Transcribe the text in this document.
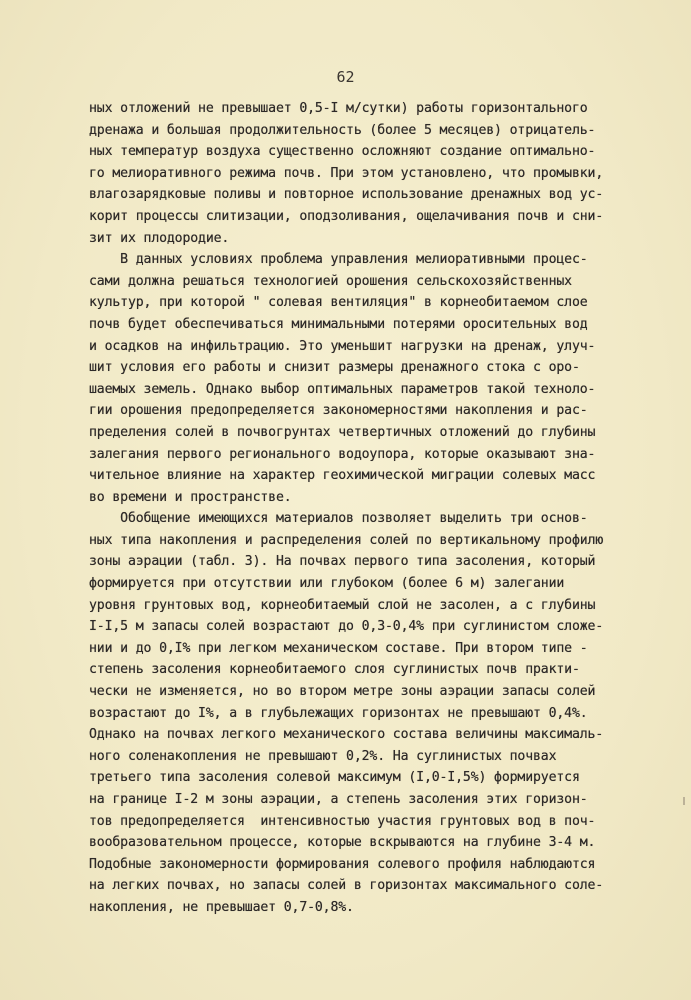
62
ных отложений не превышает 0,5-I м/сутки) работы горизонтального
дренажа и большая продолжительность (более 5 месяцев) отрицатель-
ных температур воздуха существенно осложняют создание оптимально-
го мелиоративного режима почв. При этом установлено, что промывки,
влагозарядковые поливы и повторное использование дренажных вод ус-
корит процессы слитизации, оподзоливания, ощелачивания почв и сни-
зит их плодородие.
В данных условиях проблема управления мелиоративными процес-
сами должна решаться технологией орошения сельскохозяйственных
культур, при которой " солевая вентиляция" в корнеобитаемом слое
почв будет обеспечиваться минимальными потерями оросительных вод
и осадков на инфильтрацию. Это уменьшит нагрузки на дренаж, улуч-
шит условия его работы и снизит размеры дренажного стока с оро-
шаемых земель. Однако выбор оптимальных параметров такой техноло-
гии орошения предопределяется закономерностями накопления и рас-
пределения солей в почвогрунтах четвертичных отложений до глубины
залегания первого регионального водоупора, которые оказывают зна-
чительное влияние на характер геохимической миграции солевых масс
во времени и пространстве.
Обобщение имеющихся материалов позволяет выделить три основ-
ных типа накопления и распределения солей по вертикальному профилю
зоны аэрации (табл. 3). На почвах первого типа засоления, который
формируется при отсутствии или глубоком (более 6 м) залегании
уровня грунтовых вод, корнеобитаемый слой не засолен, а с глубины
I-I,5 м запасы солей возрастают до 0,3-0,4% при суглинистом сложе-
нии и до 0,I% при легком механическом составе. При втором типе -
степень засоления корнеобитаемого слоя суглинистых почв практи-
чески не изменяется, но во втором метре зоны аэрации запасы солей
возрастают до I%, а в глубьлежащих горизонтах не превышают 0,4%.
Однако на почвах легкого механического состава величины максималь-
ного соленакопления не превышают 0,2%. На суглинистых почвах
третьего типа засоления солевой максимум (I,0-I,5%) формируется
на границе I-2 м зоны аэрации, а степень засоления этих горизон-
тов предопределяется  интенсивностью участия грунтовых вод в поч-
вообразовательном процессе, которые вскрываются на глубине 3-4 м.
Подобные закономерности формирования солевого профиля наблюдаются
на легких почвах, но запасы солей в горизонтах максимального соле-
накопления, не превышает 0,7-0,8%.
